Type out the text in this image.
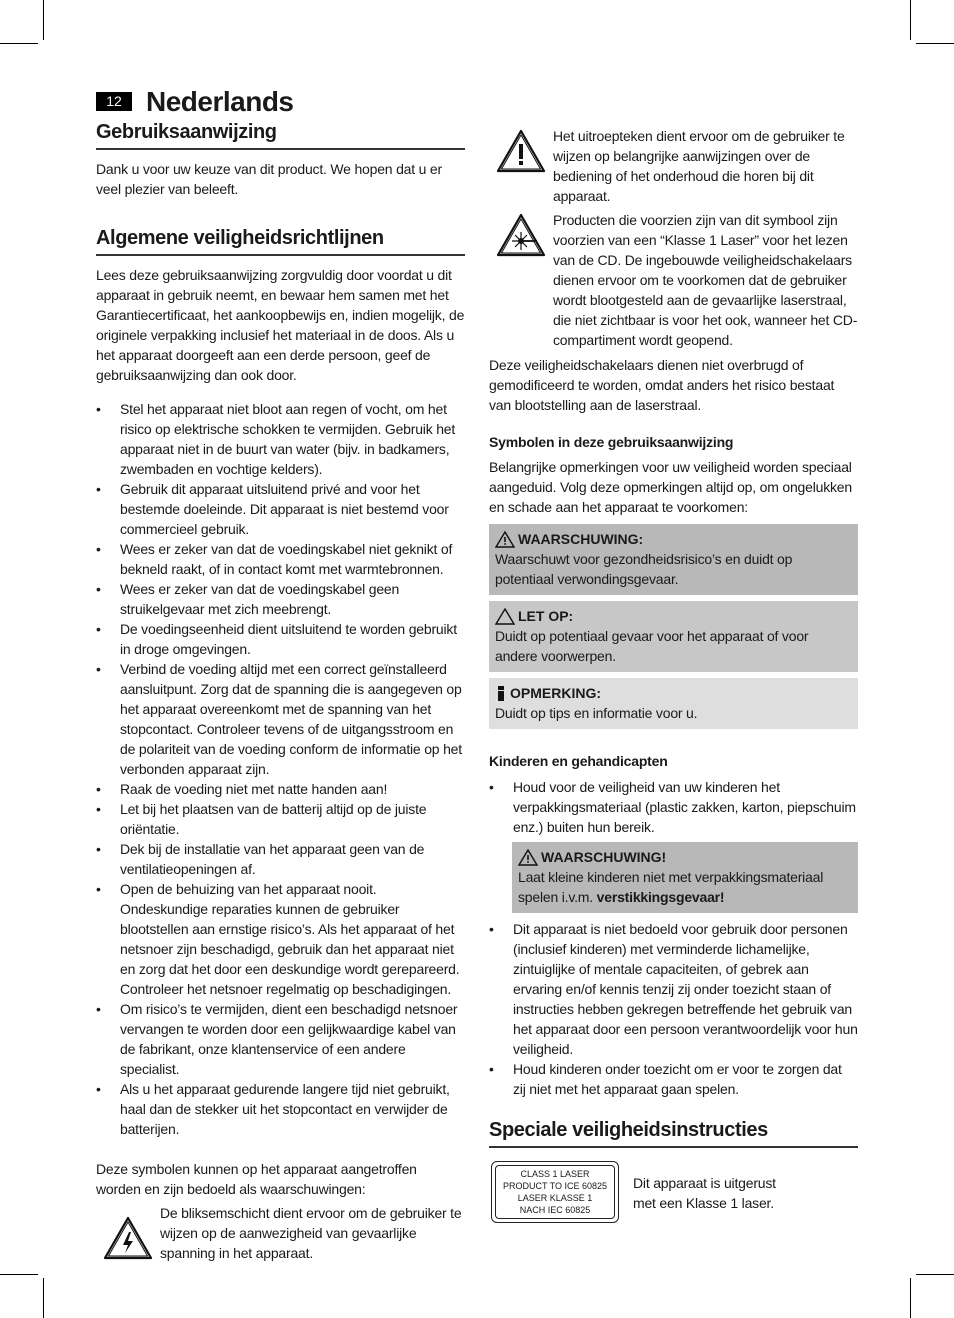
12 Nederlands
Gebruiksaanwijzing

Dank u voor uw keuze van dit product. We hopen dat u er veel plezier van beleeft.

Algemene veiligheidsrichtlijnen

Lees deze gebruiksaanwijzing zorgvuldig door voordat u dit apparaat in gebruik neemt, en bewaar hem samen met het Garantiecertificaat, het aankoopbewijs en, indien mogelijk, de originele verpakking inclusief het materiaal in de doos. Als u het apparaat doorgeeft aan een derde persoon, geef de gebruiksaanwijzing dan ook door.

• Stel het apparaat niet bloot aan regen of vocht, om het risico op elektrische schokken te vermijden. Gebruik het apparaat niet in de buurt van water (bijv. in badkamers, zwembaden en vochtige kelders).
• Gebruik dit apparaat uitsluitend privé and voor het bestemde doeleinde. Dit apparaat is niet bestemd voor commercieel gebruik.
• Wees er zeker van dat de voedingskabel niet geknikt of bekneld raakt, of in contact komt met warmtebronnen.
• Wees er zeker van dat de voedingskabel geen struikelgevaar met zich meebrengt.
• De voedingseenheid dient uitsluitend te worden gebruikt in droge omgevingen.
• Verbind de voeding altijd met een correct geïnstalleerd aansluitpunt. Zorg dat de spanning die is aangegeven op het apparaat overeenkomt met de spanning van het stopcontact. Controleer tevens of de uitgangsstroom en de polariteit van de voeding conform de informatie op het verbonden apparaat zijn.
• Raak de voeding niet met natte handen aan!
• Let bij het plaatsen van de batterij altijd op de juiste oriëntatie.
• Dek bij de installatie van het apparaat geen van de ventilatieopeningen af.
• Open de behuizing van het apparaat nooit. Ondeskundige reparaties kunnen de gebruiker blootstellen aan ernstige risico’s. Als het apparaat of het netsnoer zijn beschadigd, gebruik dan het apparaat niet en zorg dat het door een deskundige wordt gerepareerd. Controleer het netsnoer regelmatig op beschadigingen.
• Om risico’s te vermijden, dient een beschadigd netsnoer vervangen te worden door een gelijkwaardige kabel van de fabrikant, onze klantenservice of een andere specialist.
• Als u het apparaat gedurende langere tijd niet gebruikt, haal dan de stekker uit het stopcontact en verwijder de batterijen.

Deze symbolen kunnen op het apparaat aangetroffen worden en zijn bedoeld als waarschuwingen:

De bliksemschicht dient ervoor om de gebruiker te wijzen op de aanwezigheid van gevaarlijke spanning in het apparaat.

Het uitroepteken dient ervoor om de gebruiker te wijzen op belangrijke aanwijzingen over de bediening of het onderhoud die horen bij dit apparaat.

Producten die voorzien zijn van dit symbool zijn voorzien van een “Klasse 1 Laser” voor het lezen van de CD. De ingebouwde veiligheidschakelaars dienen ervoor om te voorkomen dat de gebruiker wordt blootgesteld aan de gevaarlijke laserstraal, die niet zichtbaar is voor het ook, wanneer het CD-compartiment wordt geopend.

Deze veiligheidschakelaars dienen niet overbrugd of gemodificeerd te worden, omdat anders het risico bestaat van blootstelling aan de laserstraal.

Symbolen in deze gebruiksaanwijzing

Belangrijke opmerkingen voor uw veiligheid worden speciaal aangeduid. Volg deze opmerkingen altijd op, om ongelukken en schade aan het apparaat te voorkomen:

WAARSCHUWING:
Waarschuwt voor gezondheidsrisico’s en duidt op potentiaal verwondingsgevaar.
LET OP:
Duidt op potentiaal gevaar voor het apparaat of voor andere voorwerpen.
OPMERKING:
Duidt op tips en informatie voor u.
Kinderen en gehandicapten
• Houd voor de veiligheid van uw kinderen het verpakkingsmateriaal (plastic zakken, karton, piepschuim enz.) buiten hun bereik.
WAARSCHUWING!
Laat kleine kinderen niet met verpakkingsmateriaal spelen i.v.m. verstikkingsgevaar!
• Dit apparaat is niet bedoeld voor gebruik door personen (inclusief kinderen) met verminderde lichamelijke, zintuiglijke of mentale capaciteiten, of gebrek aan ervaring en/of kennis tenzij zij onder toezicht staan of instructies hebben gekregen betreffende het gebruik van het apparaat door een persoon verantwoordelijk voor hun veiligheid.
• Houd kinderen onder toezicht om er voor te zorgen dat zij niet met het apparaat gaan spelen.
Speciale veiligheidsinstructies
CLASS 1 LASER
PRODUCT TO ICE 60825
LASER KLASSE 1
NACH IEC 60825

Dit apparaat is uitgerust met een Klasse 1 laser.
